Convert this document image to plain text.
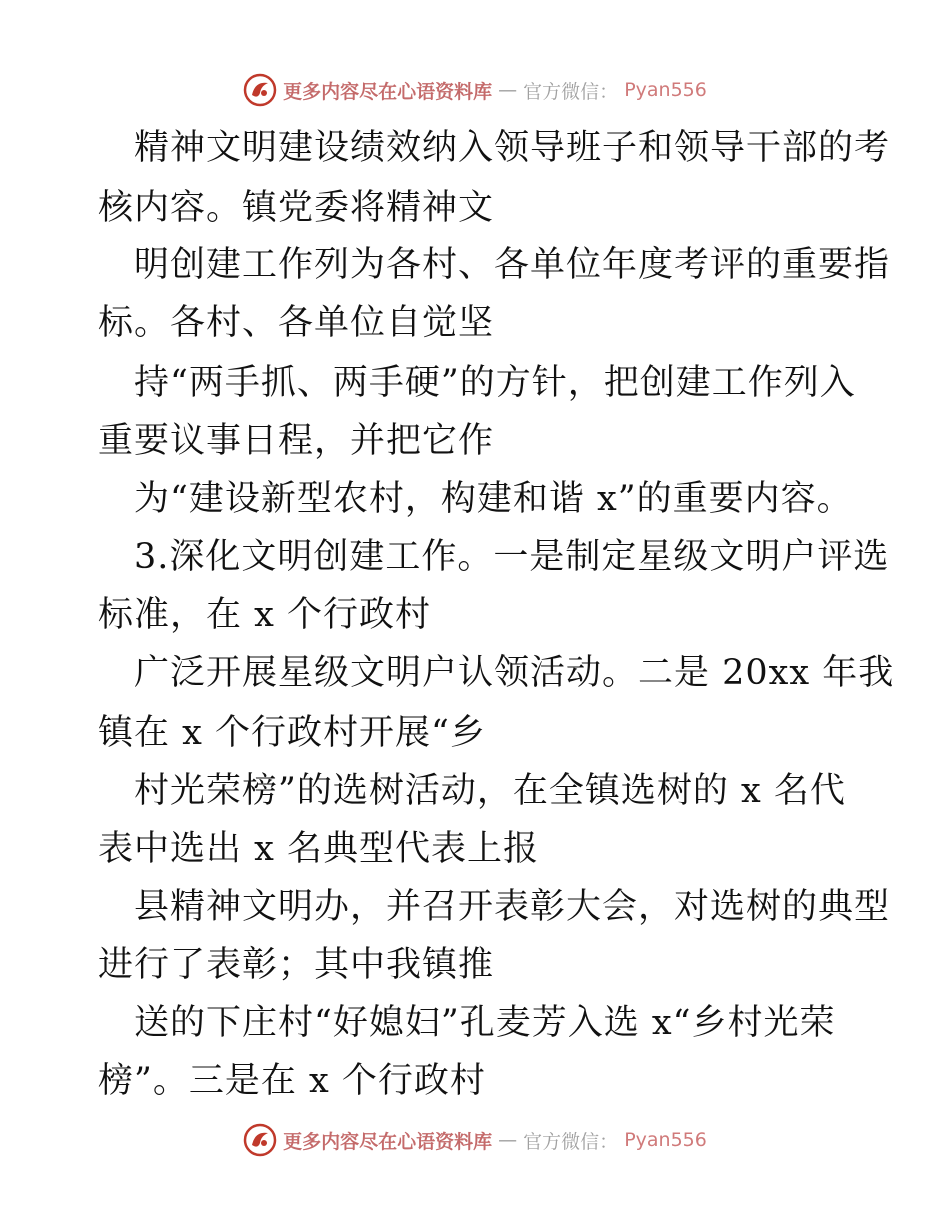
更多内容尽在心语资料库 — 官方微信： Pyan556

精神文明建设绩效纳入领导班子和领导干部的考

核内容。镇党委将精神文

明创建工作列为各村、各单位年度考评的重要指

标。各村、各单位自觉坚

持“两手抓、两手硬”的方针，把创建工作列入

重要议事日程，并把它作

为“建设新型农村，构建和谐 x”的重要内容。

3.深化文明创建工作。一是制定星级文明户评选

标准，在 x 个行政村

广泛开展星级文明户认领活动。二是 20xx 年我

镇在 x 个行政村开展“乡

村光荣榜”的选树活动，在全镇选树的 x 名代

表中选出 x 名典型代表上报

县精神文明办，并召开表彰大会，对选树的典型

进行了表彰；其中我镇推

送的下庄村“好媳妇”孔麦芳入选 x“乡村光荣

榜”。三是在 x 个行政村

更多内容尽在心语资料库 — 官方微信： Pyan556
